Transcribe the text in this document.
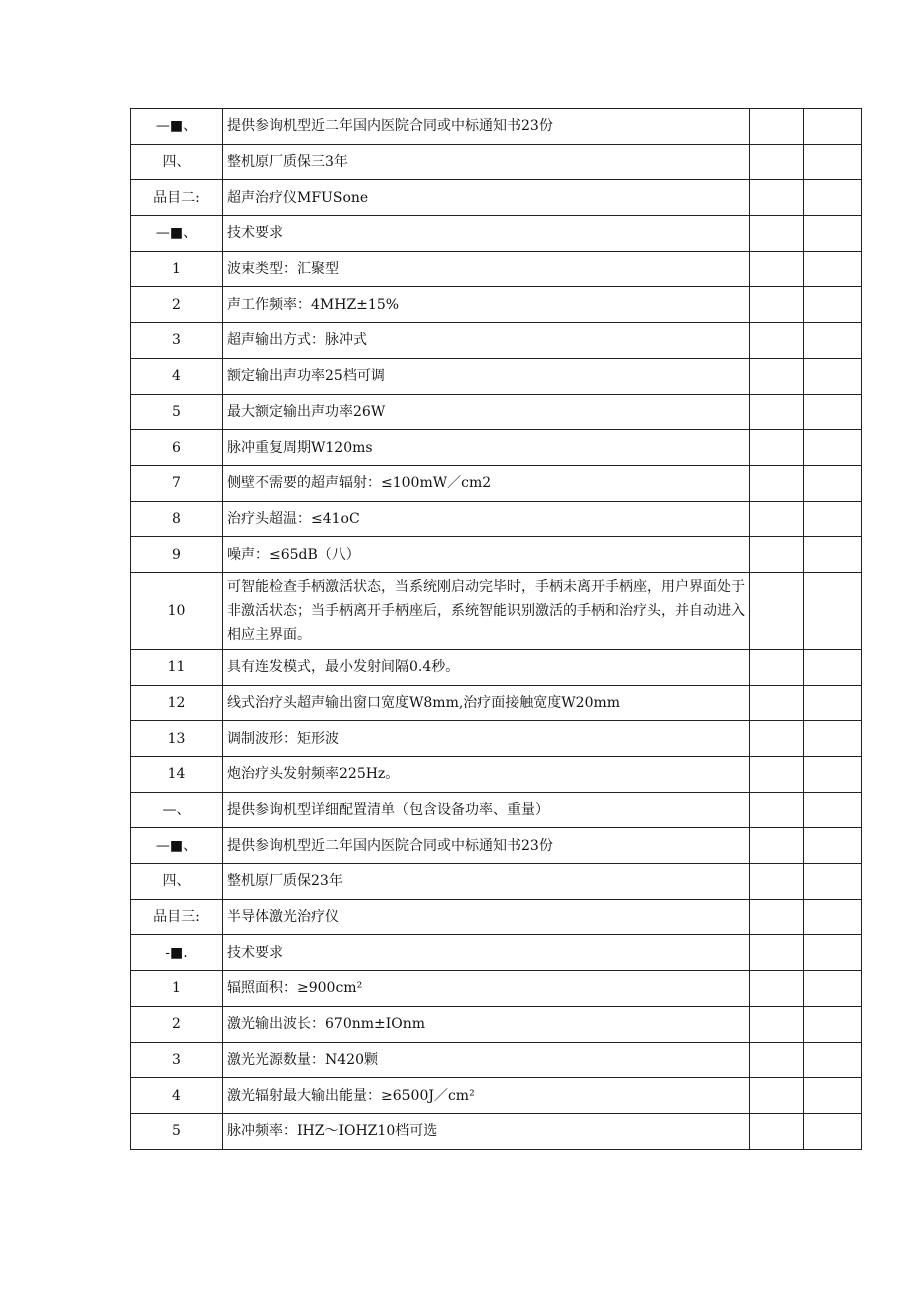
—■、	提供参询机型近二年国内医院合同或中标通知书23份		
四、	整机原厂质保三3年		
品目二:	超声治疗仪MFUSone		
—■、	技术要求		
1	波束类型：汇聚型		
2	声工作频率：4MHZ±15%		
3	超声输出方式：脉冲式		
4	额定输出声功率25档可调		
5	最大额定输出声功率26W		
6	脉冲重复周期W120ms		
7	侧壁不需要的超声辐射：≤100mW／cm2		
8	治疗头超温：≤41oC		
9	噪声：≤65dB（八）		
10	可智能检查手柄激活状态，当系统刚启动完毕时，手柄未离开手柄座，用户界面处于非激活状态；当手柄离开手柄座后，系统智能识别激活的手柄和治疗头，并自动进入相应主界面。		
11	具有连发模式，最小发射间隔0.4秒。		
12	线式治疗头超声输出窗口宽度W8mm,治疗面接触宽度W20mm		
13	调制波形：矩形波		
14	炮治疗头发射频率225Hz。		
—、	提供参询机型详细配置清单（包含设备功率、重量）		
—■、	提供参询机型近二年国内医院合同或中标通知书23份		
四、	整机原厂质保23年		
品目三:	半导体激光治疗仪		
-■.	技术要求		
1	辐照面积：≥900cm²		
2	激光输出波长：670nm±IOnm		
3	激光光源数量：N420颗		
4	激光辐射最大输出能量：≥6500J／cm²		
5	脉冲频率：IHZ～IOHZ10档可选		
